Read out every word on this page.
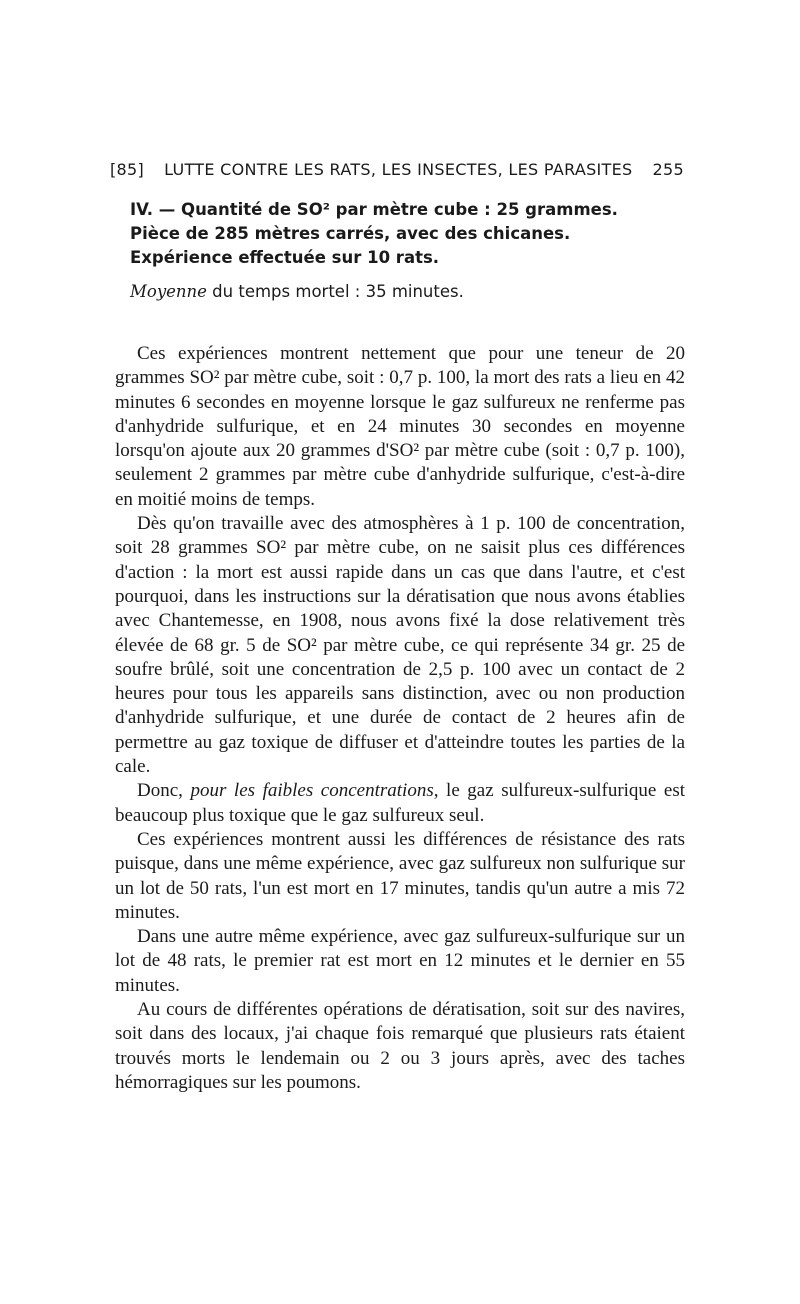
[85]	LUTTE CONTRE LES RATS, LES INSECTES, LES PARASITES	255

IV. — Quantité de SO² par mètre cube : 25 grammes.

Pièce de 285 mètres carrés, avec des chicanes.

Expérience effectuée sur 10 rats.

Moyenne du temps mortel : 35 minutes.

Ces expériences montrent nettement que pour une teneur de 20 grammes SO² par mètre cube, soit : 0,7 p. 100, la mort des rats a lieu en 42 minutes 6 secondes en moyenne lorsque le gaz sulfureux ne renferme pas d'anhydride sulfurique, et en 24 minutes 30 secondes en moyenne lorsqu'on ajoute aux 20 grammes d'SO² par mètre cube (soit : 0,7 p. 100), seulement 2 grammes par mètre cube d'anhydride sulfurique, c'est-à-dire en moitié moins de temps.

Dès qu'on travaille avec des atmosphères à 1 p. 100 de concentration, soit 28 grammes SO² par mètre cube, on ne saisit plus ces différences d'action : la mort est aussi rapide dans un cas que dans l'autre, et c'est pourquoi, dans les instructions sur la dératisation que nous avons établies avec Chantemesse, en 1908, nous avons fixé la dose relativement très élevée de 68 gr. 5 de SO² par mètre cube, ce qui représente 34 gr. 25 de soufre brûlé, soit une concentration de 2,5 p. 100 avec un contact de 2 heures pour tous les appareils sans distinction, avec ou non production d'anhydride sulfurique, et une durée de contact de 2 heures afin de permettre au gaz toxique de diffuser et d'atteindre toutes les parties de la cale.

Donc, pour les faibles concentrations, le gaz sulfureux-sulfurique est beaucoup plus toxique que le gaz sulfureux seul.

Ces expériences montrent aussi les différences de résistance des rats puisque, dans une même expérience, avec gaz sulfureux non sulfurique sur un lot de 50 rats, l'un est mort en 17 minutes, tandis qu'un autre a mis 72 minutes.

Dans une autre même expérience, avec gaz sulfureux-sulfurique sur un lot de 48 rats, le premier rat est mort en 12 minutes et le dernier en 55 minutes.

Au cours de différentes opérations de dératisation, soit sur des navires, soit dans des locaux, j'ai chaque fois remarqué que plusieurs rats étaient trouvés morts le lendemain ou 2 ou 3 jours après, avec des taches hémorragiques sur les poumons.
